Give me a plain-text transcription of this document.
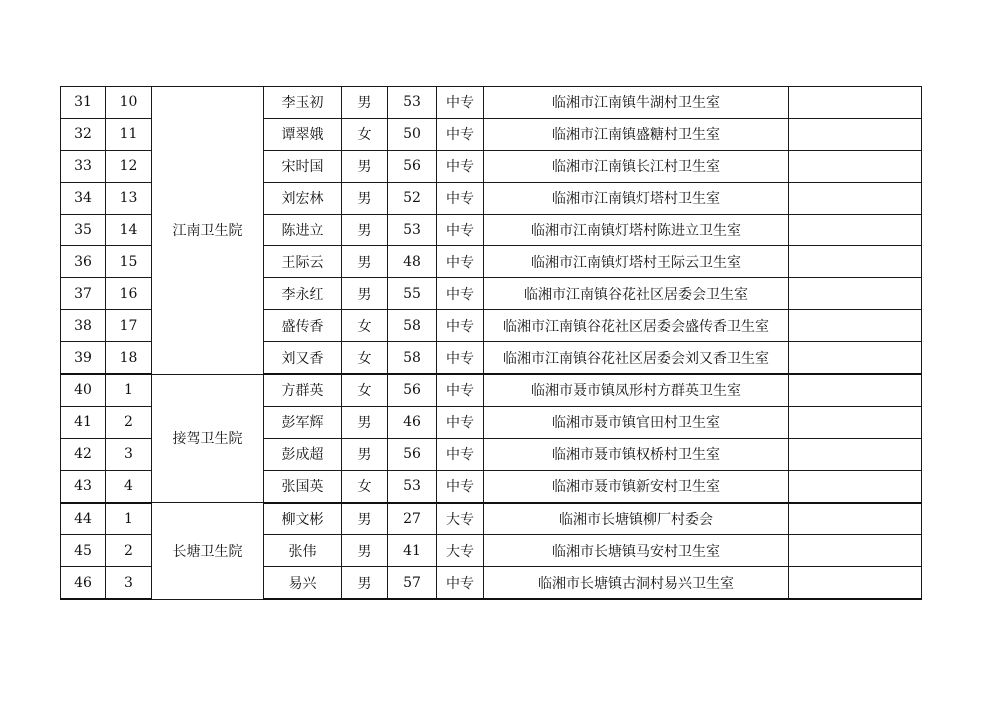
31	10	江南卫生院	李玉初	男	53	中专	临湘市江南镇牛湖村卫生室	
32	11		谭翠娥	女	50	中专	临湘市江南镇盛糖村卫生室	
33	12		宋时国	男	56	中专	临湘市江南镇长江村卫生室	
34	13		刘宏林	男	52	中专	临湘市江南镇灯塔村卫生室	
35	14		陈进立	男	53	中专	临湘市江南镇灯塔村陈进立卫生室	
36	15		王际云	男	48	中专	临湘市江南镇灯塔村王际云卫生室	
37	16		李永红	男	55	中专	临湘市江南镇谷花社区居委会卫生室	
38	17		盛传香	女	58	中专	临湘市江南镇谷花社区居委会盛传香卫生室	
39	18		刘又香	女	58	中专	临湘市江南镇谷花社区居委会刘又香卫生室	
40	1	接驾卫生院	方群英	女	56	中专	临湘市聂市镇凤形村方群英卫生室	
41	2		彭军辉	男	46	中专	临湘市聂市镇官田村卫生室	
42	3		彭成超	男	56	中专	临湘市聂市镇权桥村卫生室	
43	4		张国英	女	53	中专	临湘市聂市镇新安村卫生室	
44	1	长塘卫生院	柳文彬	男	27	大专	临湘市长塘镇柳厂村委会	
45	2		张伟	男	41	大专	临湘市长塘镇马安村卫生室	
46	3		易兴	男	57	中专	临湘市长塘镇古洞村易兴卫生室	
